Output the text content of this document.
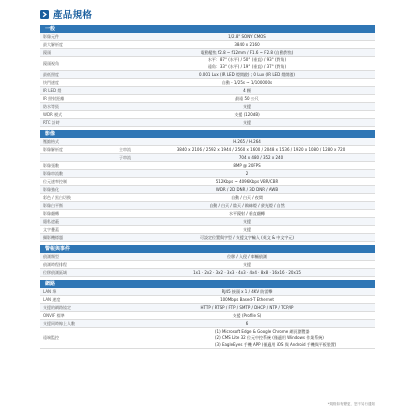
產品規格
一般
影像元件	1/2.8" SONY CMOS
最大解析度	3840 x 2160
鏡頭	電動變焦 f2.8 ~ f12mm / F1.6 ~ F2.8 (自動對焦)
鏡頭視角
水平：87° (水平) / 50° (垂直) / 93° (對角)
遠角：33° (水平) / 19° (垂直) / 37° (對角)
最低照度	0.001 Lux (IR LED 燈開啟) ; 0 Lux (IR LED 燈開啟)
快門速度	自動 - 1/25s ~ 1/100000s
IR LED 燈	4 顆
IR 照射距離	最遠 50 公尺
防水等級	支援
WDR 模式	支援 (120dB)
RTC 計時	支援
影像
壓縮格式	H.265 / H.264
影像解析度	主串流	3840 x 2106 / 2592 x 1944 / 2560 x 1600 / 2048 x 1536 / 1920 x 1080 / 1280 x 720
子串流	704 x 480 / 352 x 240
影像張數	8MP @ 20FPS
影像串流數	2
位元速率控制	512Kbps ~ 4096Kbps VBR/CBR
影像強化	WDR / 2D DNR / 3D DNR / AWB
彩色 / 黑白切換	自動 / 白天 / 夜間
影像白平衡	自動 / 白天 / 陰天 / 鎢絲燈 / 螢光燈 / 自然
影像翻轉	水平鏡射 / 垂直翻轉
隱私遮蔽	支援
文字疊蓋	支援
攝影機標題	可設定位置與字型 / 支援文字輸入 (英文 & 中文字元)
警報與事件
偵測類型	位移 / 入侵 / 車輛偵測
偵測時程排程	支援
位移偵測區域	1x1 · 2x2 · 3x2 · 3x3 · 4x3 · 4x4 · 8x8 · 16x16 · 20x15
網路
LAN 埠	RJ45 接頭 x 1 / 4KV 防雷擊
LAN 速度	100Mbps Based-T Ethernet
支援的網路協定	HTTP / RTSP / FTP / SMTP / DHCP / NTP / TCP/IP
ONVIF 標準	支援 (Profile S)
支援同時線上人數	6
遠端監控
(1) Microsoft Edge & Google Chrome 網頁瀏覽器
(2) CMS Lite 32 位元中控系統 (僅適用 Windows 作業系統)
(3) EagleEyes 手機 APP (僅適用 iOS 與 Android 手機與平板裝置)
*規格如有變更，恕不另行通知
